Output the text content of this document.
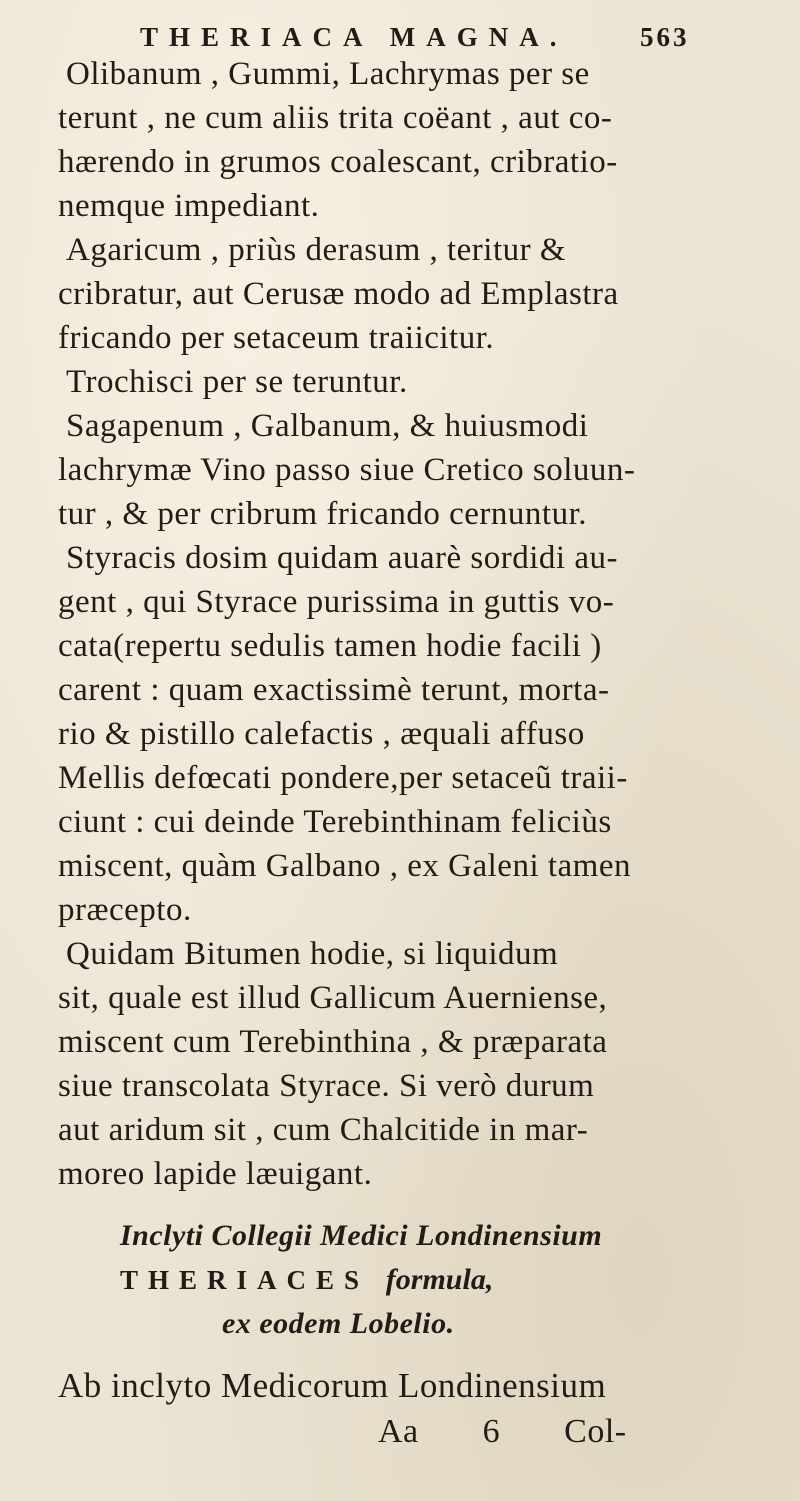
THERIACA MAGNA.	563
Olibanum , Gummi, Lachrymas per se
terunt , ne cum aliis trita coëant , aut co-
hærendo in grumos coalescant, cribratio-
nemque impediant.
Agaricum , priùs derasum , teritur &
cribratur, aut Cerusæ modo ad Emplastra
fricando per setaceum traiicitur.
Trochisci per se teruntur.
Sagapenum , Galbanum, & huiusmodi
lachrymæ Vino passo siue Cretico soluun-
tur , & per cribrum fricando cernuntur.
Styracis dosim quidam auarè sordidi au-
gent , qui Styrace purissima in guttis vo-
cata(repertu sedulis tamen hodie facili )
carent : quam exactissimè terunt, morta-
rio & pistillo calefactis , æquali affuso
Mellis defœcati pondere,per setaceũ traii-
ciunt : cui deinde Terebinthinam feliciùs
miscent, quàm Galbano , ex Galeni tamen
præcepto.
Quidam Bitumen hodie, si liquidum
sit, quale est illud Gallicum Auerniense,
miscent cum Terebinthina , & præparata
siue transcolata Styrace. Si verò durum
aut aridum sit , cum Chalcitide in mar-
moreo lapide læuigant.
Inclyti Collegii Medici Londinensium
THERIACES formula,
ex eodem Lobelio.
Ab inclyto Medicorum Londinensium
Aa 6 Col-
